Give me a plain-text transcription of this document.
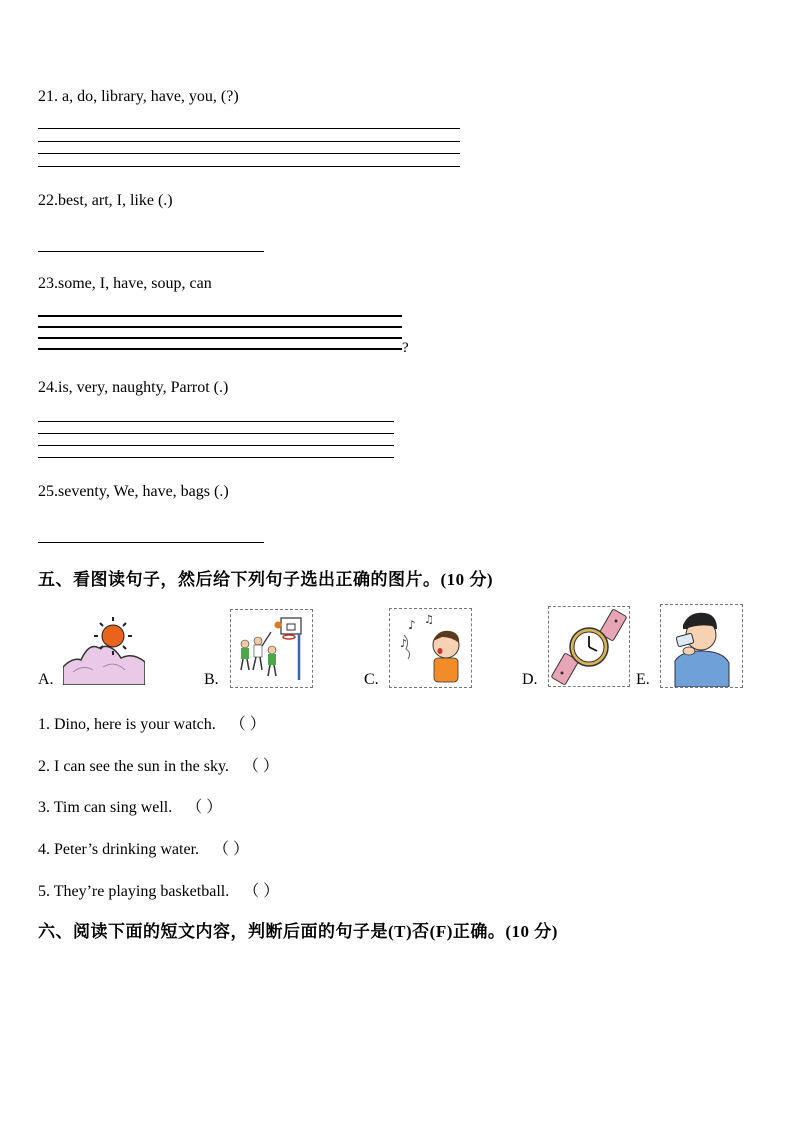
21. a, do, library, have, you, (?)
22.best, art, I, like (.)
23.some, I, have, soup, can
?
24.is, very, naughty, Parrot (.)
25.seventy, We, have, bags (.)
五、看图读句子，然后给下列句子选出正确的图片。(10 分)
A.	B.	C.
♪ ♫
♪
D.	E.
1. Dino, here is your watch. （ ）
2. I can see the sun in the sky. （ ）
3. Tim can sing well. （ ）
4. Peter’s drinking water. （ ）
5. They’re playing basketball. （ ）
六、阅读下面的短文内容，判断后面的句子是(T)否(F)正确。(10 分)
